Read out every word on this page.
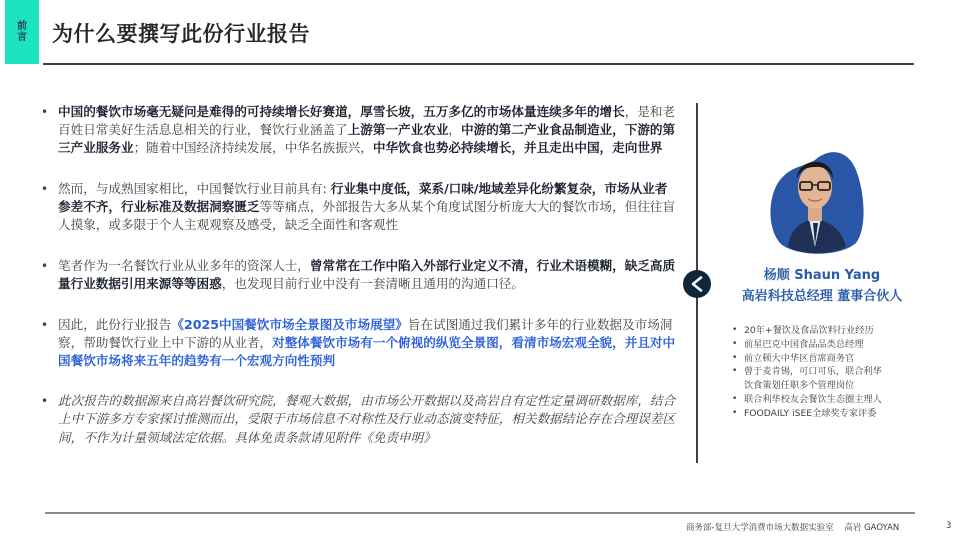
前
言 为什么要撰写此份行业报告
• 中国的餐饮市场毫无疑问是难得的可持续增长好赛道，厚雪长坡，五万多亿的市场体量连续多年的增长，是和老百姓日常美好生活息息相关的行业，餐饮行业涵盖了上游第一产业农业，中游的第二产业食品制造业，下游的第三产业服务业；随着中国经济持续发展，中华名族振兴，中华饮食也势必持续增长，并且走出中国，走向世界
• 然而，与成熟国家相比，中国餐饮行业目前具有: 行业集中度低，菜系/口味/地域差异化纷繁复杂，市场从业者参差不齐，行业标准及数据洞察匮乏等等痛点，外部报告大多从某个角度试图分析庞大大的餐饮市场，但往往盲人摸象，或多限于个人主观观察及感受，缺乏全面性和客观性
• 笔者作为一名餐饮行业从业多年的资深人士，曾常常在工作中陷入外部行业定义不清，行业术语模糊，缺乏高质量行业数据引用来源等等困惑，也发现目前行业中没有一套清晰且通用的沟通口径。
• 因此，此份行业报告《2025中国餐饮市场全景图及市场展望》旨在试图通过我们累计多年的行业数据及市场洞察，帮助餐饮行业上中下游的从业者，对整体餐饮市场有一个俯视的纵览全景图，看清市场宏观全貌，并且对中国餐饮市场将来五年的趋势有一个宏观方向性预判
• 此次报告的数据源来自高岩餐饮研究院，餐观大数据，由市场公开数据以及高岩自有定性定量调研数据库，结合上中下游多方专家探讨推测而出，受限于市场信息不对称性及行业动态演变特征，相关数据结论存在合理误差区间，不作为计量领域法定依据。具体免责条款请见附件《免责申明》
杨顺 Shaun Yang
高岩科技总经理 董事合伙人
• 20年+餐饮及食品饮料行业经历
• 前星巴克中国食品品类总经理
• 前立顿大中华区首席商务官
• 曾于麦肯锡，可口可乐，联合利华饮食策划任职多个管理岗位
• 联合利华校友会餐饮生态圈主理人
• FOODAILY iSEE全球奖专家评委
商务部-复旦大学消费市场大数据实验室    高岩 GAOYAN	3
